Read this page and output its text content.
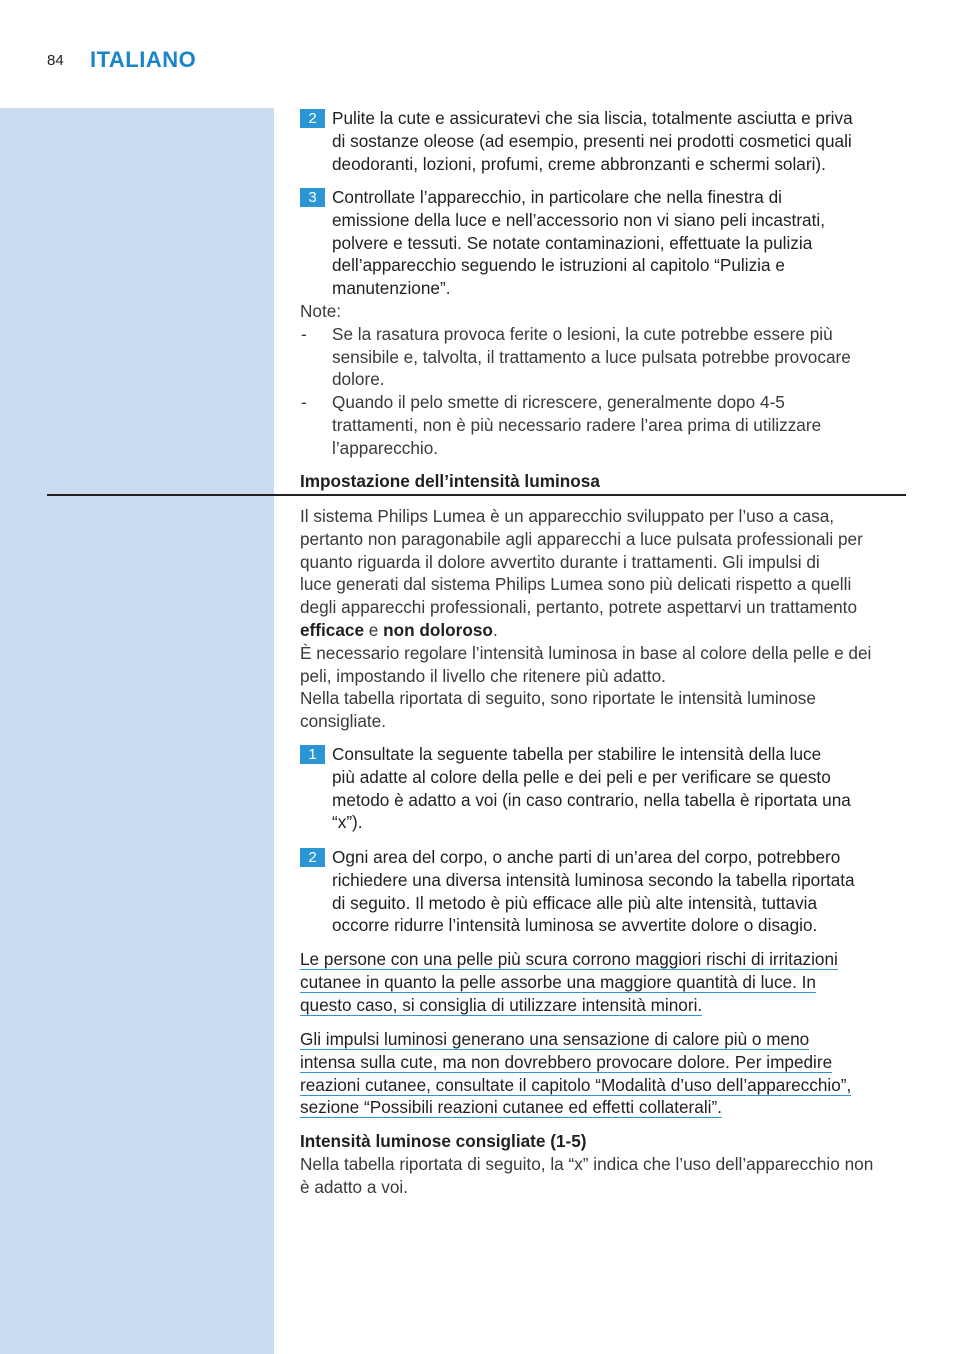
84 ITALIANO
2 Pulite la cute e assicuratevi che sia liscia, totalmente asciutta e priva
di sostanze oleose (ad esempio, presenti nei prodotti cosmetici quali
deodoranti, lozioni, profumi, creme abbronzanti e schermi solari).
3 Controllate l’apparecchio, in particolare che nella finestra di
emissione della luce e nell’accessorio non vi siano peli incastrati,
polvere e tessuti. Se notate contaminazioni, effettuate la pulizia
dell’apparecchio seguendo le istruzioni al capitolo “Pulizia e
manutenzione”.
Note:
- Se la rasatura provoca ferite o lesioni, la cute potrebbe essere più
sensibile e, talvolta, il trattamento a luce pulsata potrebbe provocare
dolore.
- Quando il pelo smette di ricrescere, generalmente dopo 4-5
trattamenti, non è più necessario radere l’area prima di utilizzare
l’apparecchio.
Impostazione dell’intensità luminosa
Il sistema Philips Lumea è un apparecchio sviluppato per l’uso a casa,
pertanto non paragonabile agli apparecchi a luce pulsata professionali per
quanto riguarda il dolore avvertito durante i trattamenti. Gli impulsi di
luce generati dal sistema Philips Lumea sono più delicati rispetto a quelli
degli apparecchi professionali, pertanto, potrete aspettarvi un trattamento
efficace e non doloroso.
È necessario regolare l’intensità luminosa in base al colore della pelle e dei
peli, impostando il livello che ritenere più adatto.
Nella tabella riportata di seguito, sono riportate le intensità luminose
consigliate.
1 Consultate la seguente tabella per stabilire le intensità della luce
più adatte al colore della pelle e dei peli e per verificare se questo
metodo è adatto a voi (in caso contrario, nella tabella è riportata una
“x”).
2 Ogni area del corpo, o anche parti di un’area del corpo, potrebbero
richiedere una diversa intensità luminosa secondo la tabella riportata
di seguito. Il metodo è più efficace alle più alte intensità, tuttavia
occorre ridurre l’intensità luminosa se avvertite dolore o disagio.
Le persone con una pelle più scura corrono maggiori rischi di irritazioni
cutanee in quanto la pelle assorbe una maggiore quantità di luce. In
questo caso, si consiglia di utilizzare intensità minori.
Gli impulsi luminosi generano una sensazione di calore più o meno
intensa sulla cute, ma non dovrebbero provocare dolore. Per impedire
reazioni cutanee, consultate il capitolo “Modalità d’uso dell’apparecchio”,
sezione “Possibili reazioni cutanee ed effetti collaterali”.
Intensità luminose consigliate (1-5)
Nella tabella riportata di seguito, la “x” indica che l’uso dell’apparecchio non
è adatto a voi.
